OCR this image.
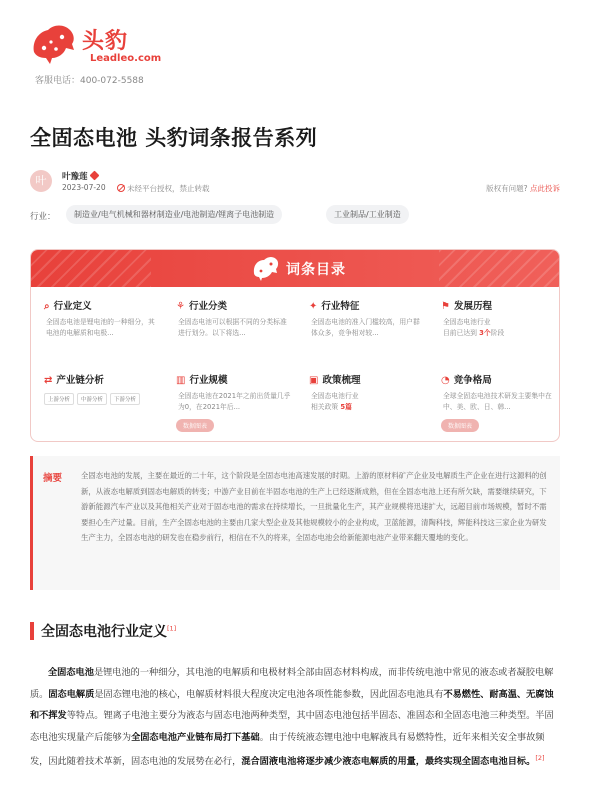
头豹
Leadleo.com
客服电话：400-072-5588
全固态电池 头豹词条报告系列
叶	叶豫莲
2023-07-20	未经平台授权，禁止转载	版权有问题? 点此投诉
行业：	制造业/电气机械和器材制造业/电池制造/锂离子电池制造	工业制品/工业制造
词条目录
⌕ 行业定义
全固态电池是锂电池的一种细分，其电池的电解质和电极...
⚘ 行业分类
全固态电池可以根据不同的分类标准进行划分。以下将选...
✦ 行业特征
全固态电池的准入门槛较高，用户群体众多，竞争相对较...
⚑ 发展历程
全固态电池行业
目前已达到 3个阶段
⇄ 产业链分析
上游分析 中游分析 下游分析
▥ 行业规模
全固态电池在2021年之前出货量几乎为0，在2021年后...
数据图表
▣ 政策梳理
全固态电池行业
相关政策 5篇
◔ 竞争格局
全球全固态电池技术研发主要集中在中、美、欧、日、韩...
数据图表
摘要	全固态电池的发展，主要在最近的二十年，这个阶段是全固态电池高速发展的时期。上游的原材料矿产企业及电解质生产企业在进行这源料的创新，从液态电解质到固态电解质的转变；中游产业目前在半固态电池的生产上已经逐渐成熟，但在全固态电池上还有所欠缺，需要继续研究，下游新能源汽车产业以及其他相关产业对于固态电池的需求在持续增长，一旦批量化生产，其产业规模将迅速扩大，远超目前市场规模，暂时不需要担心生产过量。目前，生产全固态电池的主要由几家大型企业及其他规模较小的企业构成，卫蓝能源，清陶科技，辉能科技这三家企业为研发生产主力，全固态电池的研发也在稳步前行，相信在不久的将来，全固态电池会给新能源电池产业带来翻天覆地的变化。
全固态电池行业定义[1]
全固态电池是锂电池的一种细分，其电池的电解质和电极材料全部由固态材料构成，而非传统电池中常见的液态或者凝胶电解质。固态电解质是固态锂电池的核心，电解质材料很大程度决定电池各项性能参数，因此固态电池具有不易燃性、耐高温、无腐蚀和不挥发等特点。锂离子电池主要分为液态与固态电池两种类型，其中固态电池包括半固态、准固态和全固态电池三种类型。半固态电池实现量产后能够为全固态电池产业链布局打下基础。由于传统液态锂电池中电解液具有易燃特性，近年来相关安全事故频发，因此随着技术革新，固态电池的发展势在必行，混合固液电池将逐步减少液态电解质的用量，最终实现全固态电池目标。[2]
